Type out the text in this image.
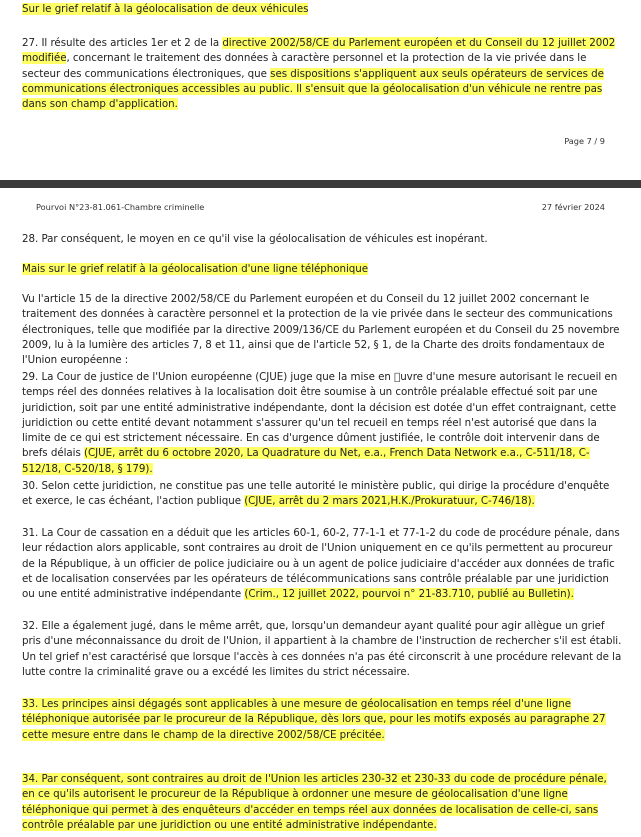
Sur le grief relatif à la géolocalisation de deux véhicules

27. Il résulte des articles 1er et 2 de la directive 2002/58/CE du Parlement européen et du Conseil du 12 juillet 2002 modifiée, concernant le traitement des données à caractère personnel et la protection de la vie privée dans le secteur des communications électroniques, que ses dispositions s'appliquent aux seuls opérateurs de services de communications électroniques accessibles au public. Il s'ensuit que la géolocalisation d'un véhicule ne rentre pas dans son champ d'application.

Page 7 / 9
Pourvoi N°23-81.061-Chambre criminelle	27 février 2024

28. Par conséquent, le moyen en ce qu'il vise la géolocalisation de véhicules est inopérant.

Mais sur le grief relatif à la géolocalisation d'une ligne téléphonique

Vu l'article 15 de la directive 2002/58/CE du Parlement européen et du Conseil du 12 juillet 2002 concernant le traitement des données à caractère personnel et la protection de la vie privée dans le secteur des communications électroniques, telle que modifiée par la directive 2009/136/CE du Parlement européen et du Conseil du 25 novembre 2009, lu à la lumière des articles 7, 8 et 11, ainsi que de l'article 52, § 1, de la Charte des droits fondamentaux de l'Union européenne :

29. La Cour de justice de l'Union européenne (CJUE) juge que la mise en  uvre d'une mesure autorisant le recueil en temps réel des données relatives à la localisation doit être soumise à un contrôle préalable effectué soit par une juridiction, soit par une entité administrative indépendante, dont la décision est dotée d'un effet contraignant, cette juridiction ou cette entité devant notamment s'assurer qu'un tel recueil en temps réel n'est autorisé que dans la limite de ce qui est strictement nécessaire. En cas d'urgence dûment justifiée, le contrôle doit intervenir dans de brefs délais (CJUE, arrêt du 6 octobre 2020, La Quadrature du Net, e.a., French Data Network e.a., C-511/18, C-512/18, C-520/18, § 179).

30. Selon cette juridiction, ne constitue pas une telle autorité le ministère public, qui dirige la procédure d'enquête et exerce, le cas échéant, l'action publique (CJUE, arrêt du 2 mars 2021,H.K./Prokuratuur, C-746/18).

31. La Cour de cassation en a déduit que les articles 60-1, 60-2, 77-1-1 et 77-1-2 du code de procédure pénale, dans leur rédaction alors applicable, sont contraires au droit de l'Union uniquement en ce qu'ils permettent au procureur de la République, à un officier de police judiciaire ou à un agent de police judiciaire d'accéder aux données de trafic et de localisation conservées par les opérateurs de télécommunications sans contrôle préalable par une juridiction ou une entité administrative indépendante (Crim., 12 juillet 2022, pourvoi n° 21-83.710, publié au Bulletin).

32. Elle a également jugé, dans le même arrêt, que, lorsqu'un demandeur ayant qualité pour agir allègue un grief pris d'une méconnaissance du droit de l'Union, il appartient à la chambre de l'instruction de rechercher s'il est établi. Un tel grief n'est caractérisé que lorsque l'accès à ces données n'a pas été circonscrit à une procédure relevant de la lutte contre la criminalité grave ou a excédé les limites du strict nécessaire.

33. Les principes ainsi dégagés sont applicables à une mesure de géolocalisation en temps réel d'une ligne téléphonique autorisée par le procureur de la République, dès lors que, pour les motifs exposés au paragraphe 27 cette mesure entre dans le champ de la directive 2002/58/CE précitée.

34. Par conséquent, sont contraires au droit de l'Union les articles 230-32 et 230-33 du code de procédure pénale, en ce qu'ils autorisent le procureur de la République à ordonner une mesure de géolocalisation d'une ligne téléphonique qui permet à des enquêteurs d'accéder en temps réel aux données de localisation de celle-ci, sans contrôle préalable par une juridiction ou une entité administrative indépendante.
